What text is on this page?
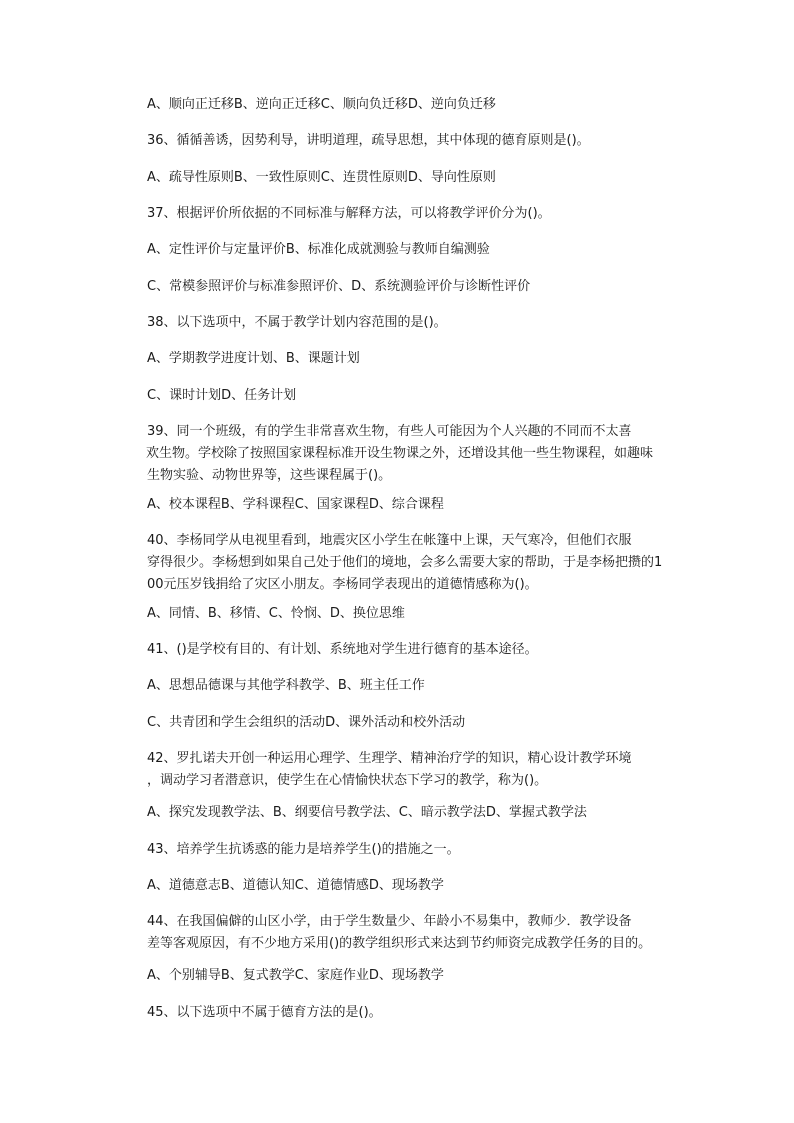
A、顺向正迁移B、逆向正迁移C、顺向负迁移D、逆向负迁移
36、循循善诱，因势利导，讲明道理，疏导思想，其中体现的德育原则是()。
A、疏导性原则B、一致性原则C、连贯性原则D、导向性原则
37、根据评价所依据的不同标准与解释方法，可以将教学评价分为()。
A、定性评价与定量评价B、标准化成就测验与教师自编测验
C、常模参照评价与标准参照评价、D、系统测验评价与诊断性评价
38、以下选项中，不属于教学计划内容范围的是()。
A、学期教学进度计划、B、课题计划
C、课时计划D、任务计划
39、同一个班级，有的学生非常喜欢生物，有些人可能因为个人兴趣的不同而不太喜
欢生物。学校除了按照国家课程标准开设生物课之外，还增设其他一些生物课程，如趣味
生物实验、动物世界等，这些课程属于()。
A、校本课程B、学科课程C、国家课程D、综合课程
40、李杨同学从电视里看到，地震灾区小学生在帐篷中上课，天气寒冷，但他们衣服
穿得很少。李杨想到如果自己处于他们的境地，会多么需要大家的帮助，于是李杨把攒的1
00元压岁钱捐给了灾区小朋友。李杨同学表现出的道德情感称为()。
A、同情、B、移情、C、怜悯、D、换位思维
41、()是学校有目的、有计划、系统地对学生进行德育的基本途径。
A、思想品德课与其他学科教学、B、班主任工作
C、共青团和学生会组织的活动D、课外活动和校外活动
42、罗扎诺夫开创一种运用心理学、生理学、精神治疗学的知识，精心设计教学环境
，调动学习者潜意识，使学生在心情愉快状态下学习的教学，称为()。
A、探究发现教学法、B、纲要信号教学法、C、暗示教学法D、掌握式教学法
43、培养学生抗诱惑的能力是培养学生()的措施之一。
A、道德意志B、道德认知C、道德情感D、现场教学
44、在我国偏僻的山区小学，由于学生数量少、年龄小不易集中，教师少．教学设备
差等客观原因，有不少地方采用()的教学组织形式来达到节约师资完成教学任务的目的。
A、个别辅导B、复式教学C、家庭作业D、现场教学
45、以下选项中不属于德育方法的是()。
